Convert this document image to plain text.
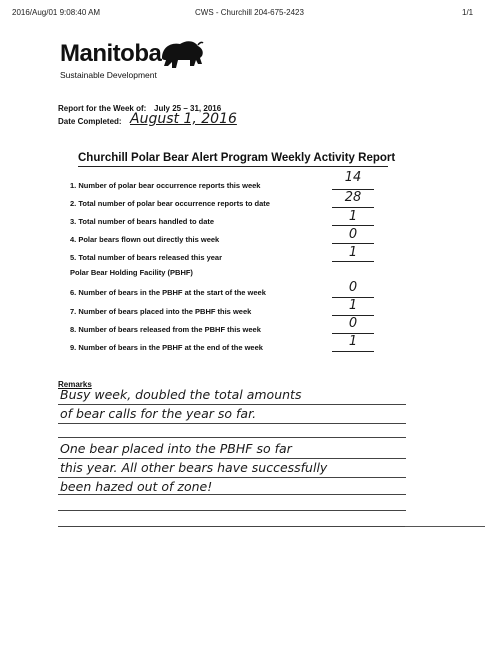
2016/Aug/01 9:08:40 AM	CWS - Churchill 204-675-2423	1/1
Manitoba
Sustainable Development
Report for the Week of: July 25 – 31, 2016
Date Completed: August 1, 2016
Churchill Polar Bear Alert Program Weekly Activity Report
1. Number of polar bear occurrence reports this week
2. Total number of polar bear occurrence reports to date
3. Total number of bears handled to date
4. Polar bears flown out directly this week
5. Total number of bears released this year
14
28
1
0
1
Polar Bear Holding Facility (PBHF)
6. Number of bears in the PBHF at the start of the week
7. Number of bears placed into the PBHF this week
8. Number of bears released from the PBHF this week
9. Number of bears in the PBHF at the end of the week
0
1
0
1
Remarks
Busy week, doubled the total amounts
of bear calls for the year so far.
One bear placed into the PBHF so far
this year. All other bears have successfully
been hazed out of zone!
